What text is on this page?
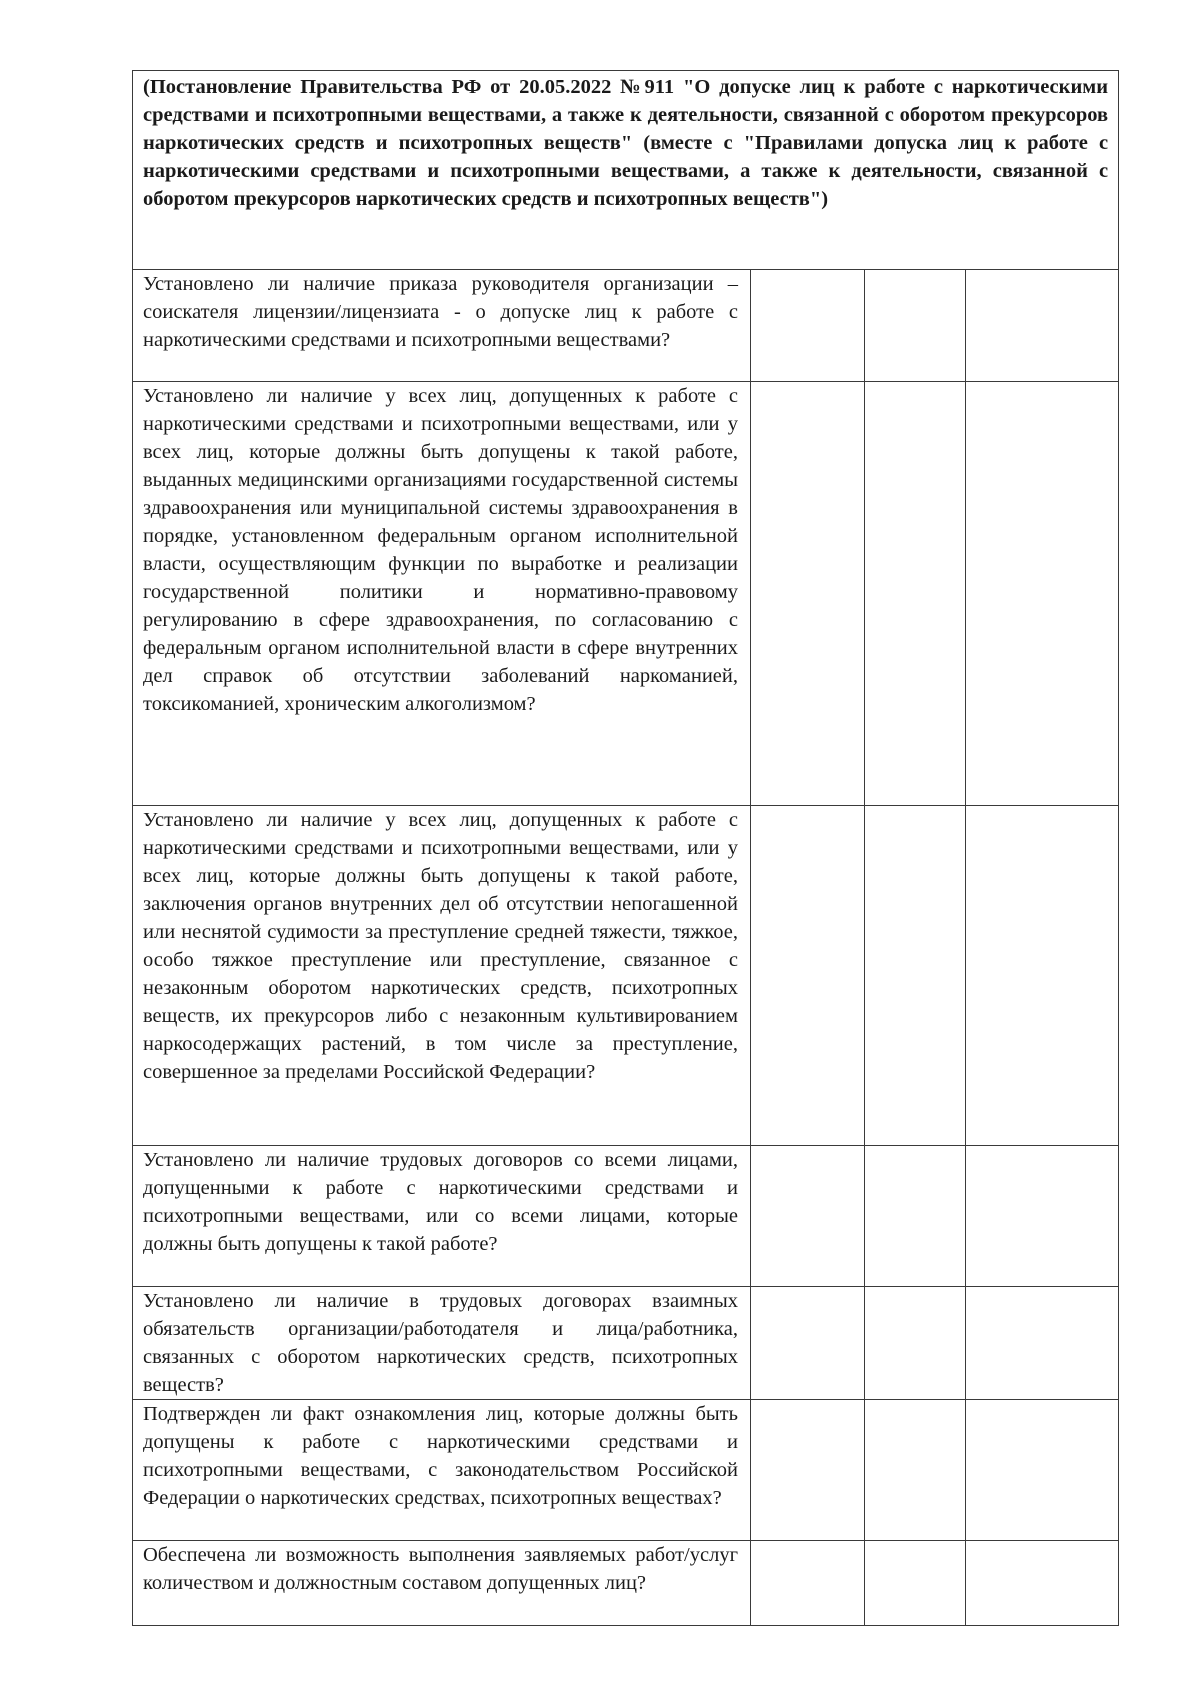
(Постановление Правительства РФ от 20.05.2022 №911 "О допуске лиц к работе с наркотическими средствами и психотропными веществами, а также к деятельности, связанной с оборотом прекурсоров наркотических средств и психотропных веществ" (вместе с "Правилами допуска лиц к работе с наркотическими средствами и психотропными веществами, а также к деятельности, связанной с оборотом прекурсоров наркотических средств и психотропных веществ")			

Установлено ли наличие приказа руководителя организации – соискателя лицензии/лицензиата - о допуске лиц к работе с наркотическими средствами и психотропными веществами?			

Установлено ли наличие у всех лиц, допущенных к работе с наркотическими средствами и психотропными веществами, или у всех лиц, которые должны быть допущены к такой работе, выданных медицинскими организациями государственной системы здравоохранения или муниципальной системы здравоохранения в порядке, установленном федеральным органом исполнительной власти, осуществляющим функции по выработке и реализации государственной политики и нормативно-правовому регулированию в сфере здравоохранения, по согласованию с федеральным органом исполнительной власти в сфере внутренних дел справок об отсутствии заболеваний наркоманией, токсикоманией, хроническим алкоголизмом?			

Установлено ли наличие у всех лиц, допущенных к работе с наркотическими средствами и психотропными веществами, или у всех лиц, которые должны быть допущены к такой работе, заключения органов внутренних дел об отсутствии непогашенной или неснятой судимости за преступление средней тяжести, тяжкое, особо тяжкое преступление или преступление, связанное с незаконным оборотом наркотических средств, психотропных веществ, их прекурсоров либо с незаконным культивированием наркосодержащих растений, в том числе за преступление, совершенное за пределами Российской Федерации?			

Установлено ли наличие трудовых договоров со всеми лицами, допущенными к работе с наркотическими средствами и психотропными веществами, или со всеми лицами, которые должны быть допущены к такой работе?			

Установлено ли наличие в трудовых договорах взаимных обязательств организации/работодателя и лица/работника, связанных с оборотом наркотических средств, психотропных веществ?			

Подтвержден ли факт ознакомления лиц, которые должны быть допущены к работе с наркотическими средствами и психотропными веществами, с законодательством Российской Федерации о наркотических средствах, психотропных веществах?			

Обеспечена ли возможность выполнения заявляемых работ/услуг количеством и должностным составом допущенных лиц?			
